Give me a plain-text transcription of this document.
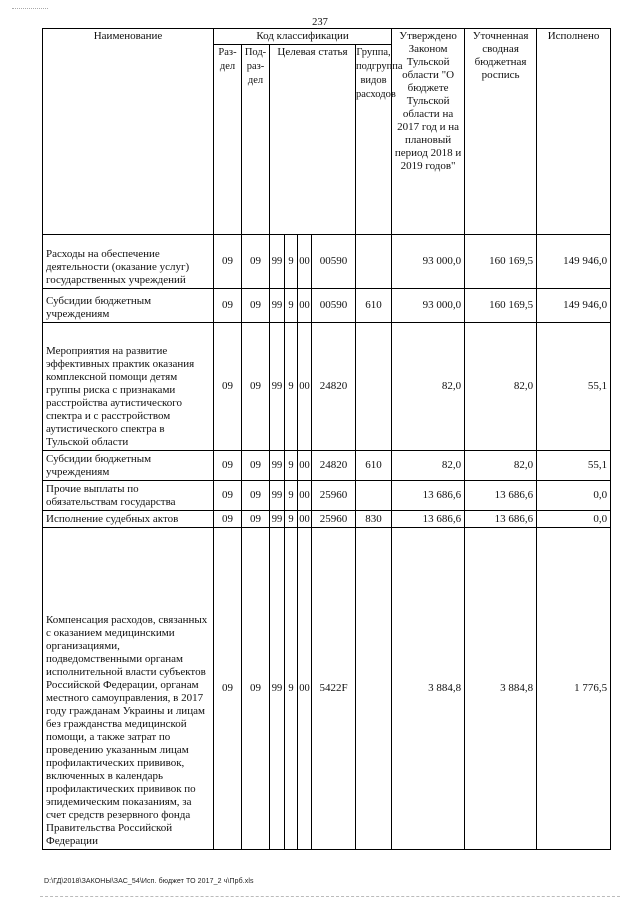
237
Наименование	Код классификации							Утверждено Законом Тульской области "О бюджете Тульской области на 2017 год и на плановый период 2018 и 2019 годов"	Уточненная сводная бюджетная роспись	Исполнено
	Раз-дел	Под-раз-дел	Целевая статья				Группа, подгруппа видов расходов			
Расходы на обеспечение деятельности (оказание услуг) государственных учреждений	09	09	99	9	00	00590		93 000,0	160 169,5	149 946,0
Субсидии бюджетным учреждениям	09	09	99	9	00	00590	610	93 000,0	160 169,5	149 946,0
Мероприятия на развитие эффективных практик оказания комплексной помощи детям группы риска с признаками расстройства аутистического спектра и с расстройством аутистического спектра в Тульской области	09	09	99	9	00	24820		82,0	82,0	55,1
Субсидии бюджетным учреждениям	09	09	99	9	00	24820	610	82,0	82,0	55,1
Прочие выплаты по обязательствам государства	09	09	99	9	00	25960		13 686,6	13 686,6	0,0
Исполнение судебных актов	09	09	99	9	00	25960	830	13 686,6	13 686,6	0,0
Компенсация расходов, связанных с оказанием медицинскими организациями, подведомственными органам исполнительной власти субъектов Российской Федерации, органам местного самоуправления, в 2017 году гражданам Украины и лицам без гражданства медицинской помощи, а также затрат по проведению указанным лицам профилактических прививок, включенных в календарь профилактических прививок по эпидемическим показаниям, за счет средств резервного фонда Правительства Российской Федерации	09	09	99	9	00	5422F		3 884,8	3 884,8	1 776,5
D:\ГД\2018\ЗАКОНЫ\ЗАС_54\Исп. бюджет ТО 2017_2 ч\Прб.xls
